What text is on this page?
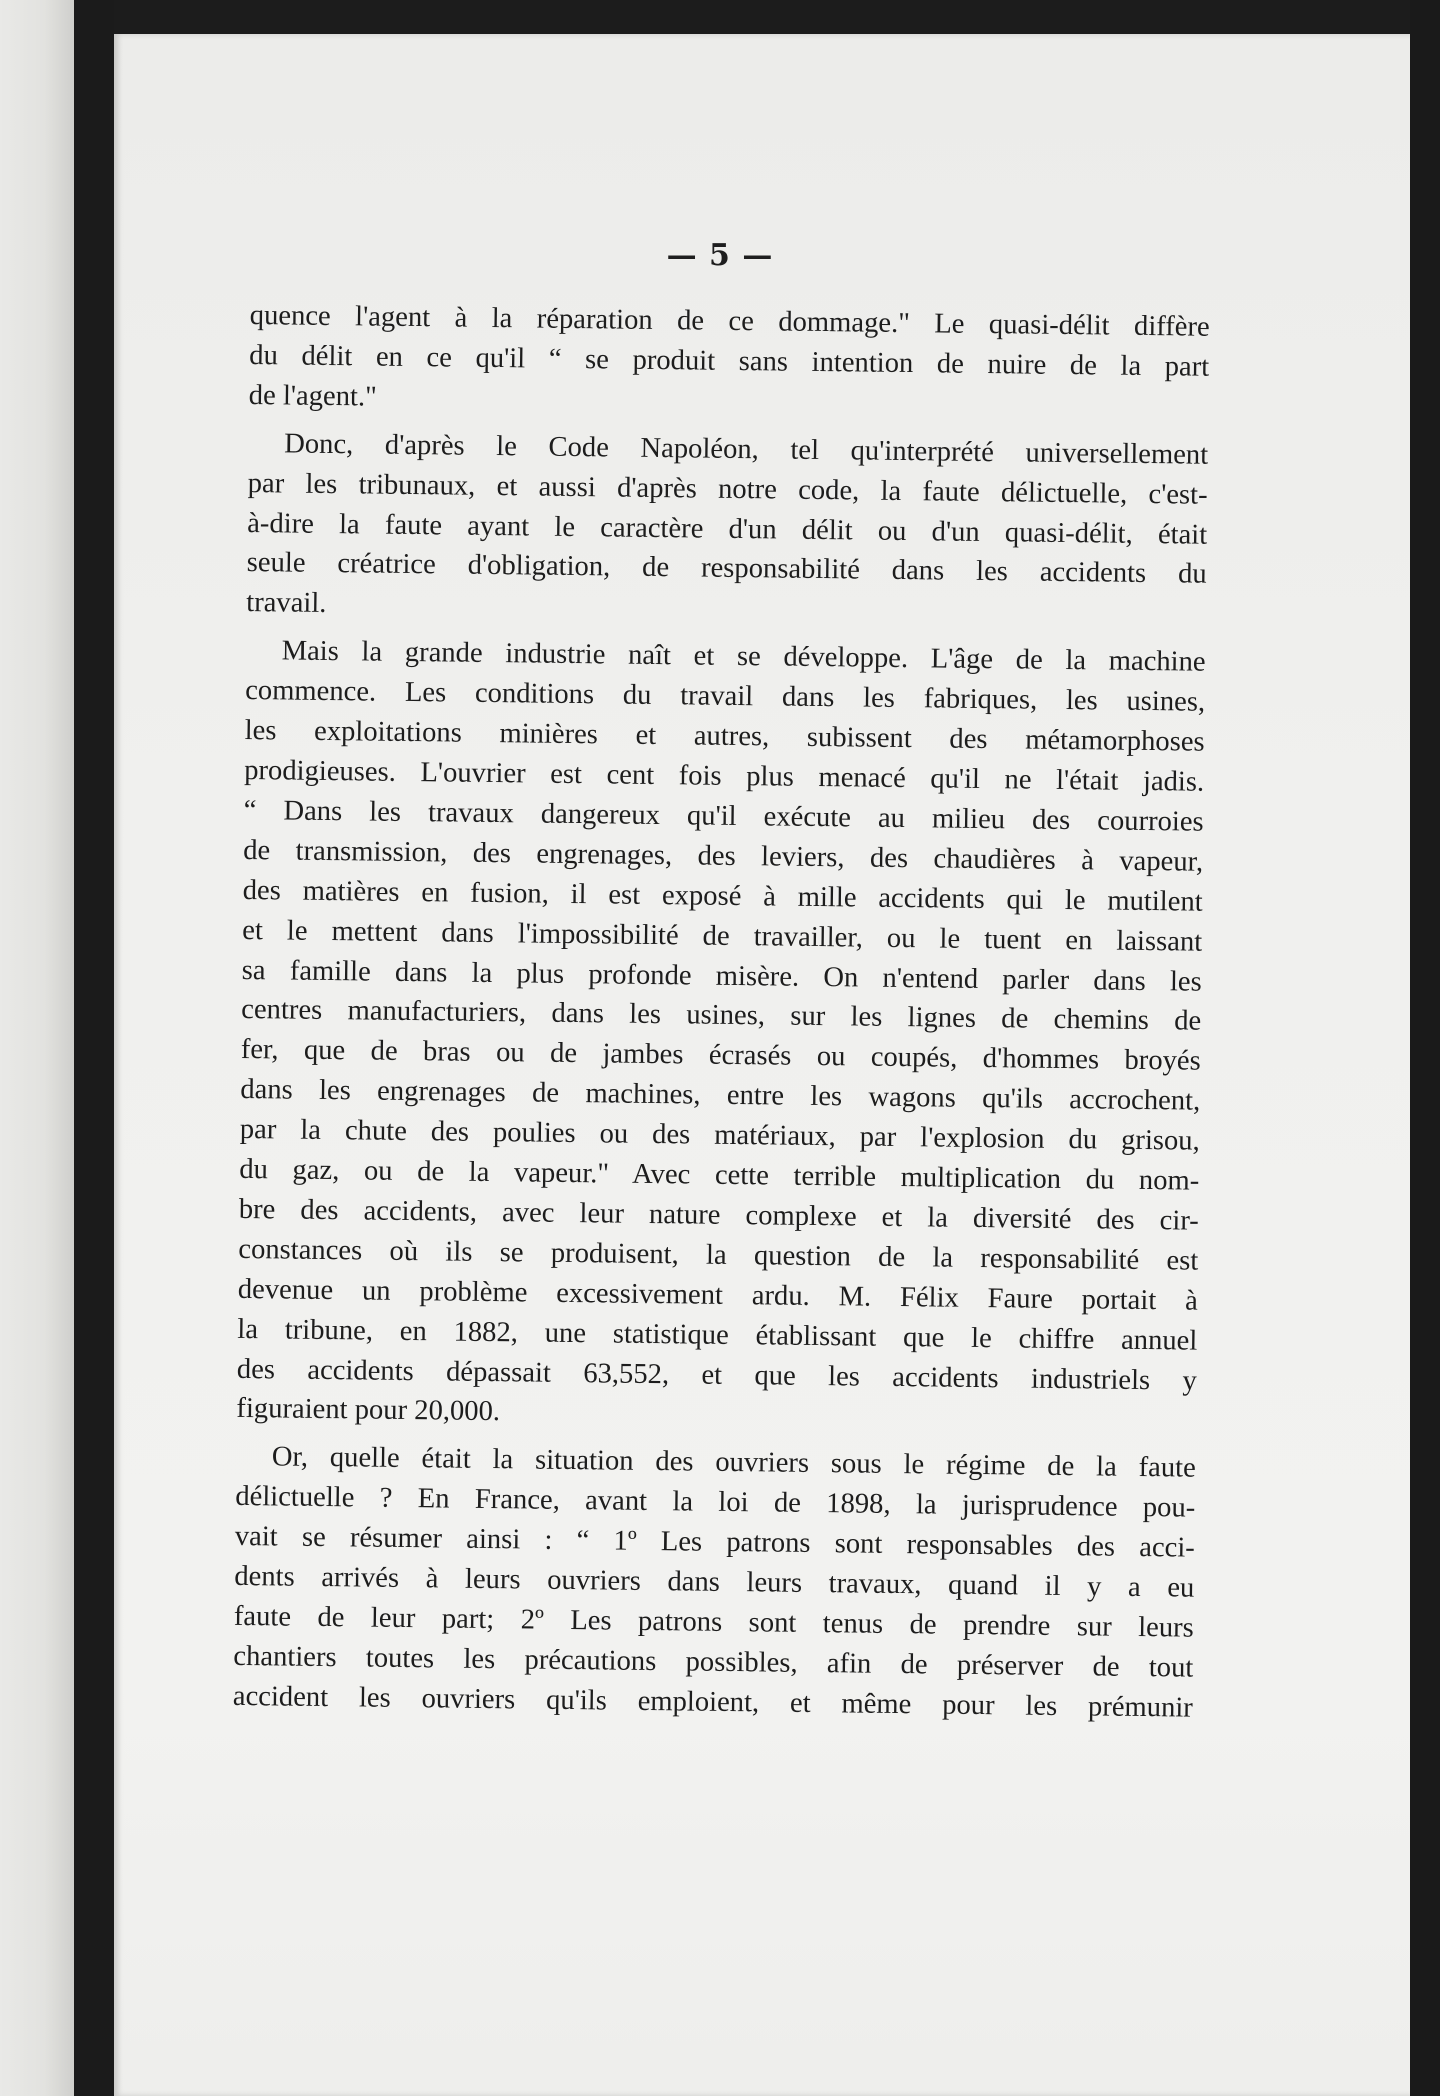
— 5 —

quence l'agent à la réparation de ce dommage." Le quasi-délit diffère

du délit en ce qu'il “ se produit sans intention de nuire de la part

de l'agent."

Donc, d'après le Code Napoléon, tel qu'interprété universellement

par les tribunaux, et aussi d'après notre code, la faute délictuelle, c'est-

à-dire la faute ayant le caractère d'un délit ou d'un quasi-délit, était

seule créatrice d'obligation, de responsabilité dans les accidents du

travail.

Mais la grande industrie naît et se développe. L'âge de la machine

commence. Les conditions du travail dans les fabriques, les usines,

les exploitations minières et autres, subissent des métamorphoses

prodigieuses. L'ouvrier est cent fois plus menacé qu'il ne l'était jadis.

“ Dans les travaux dangereux qu'il exécute au milieu des courroies

de transmission, des engrenages, des leviers, des chaudières à vapeur,

des matières en fusion, il est exposé à mille accidents qui le mutilent

et le mettent dans l'impossibilité de travailler, ou le tuent en laissant

sa famille dans la plus profonde misère. On n'entend parler dans les

centres manufacturiers, dans les usines, sur les lignes de chemins de

fer, que de bras ou de jambes écrasés ou coupés, d'hommes broyés

dans les engrenages de machines, entre les wagons qu'ils accrochent,

par la chute des poulies ou des matériaux, par l'explosion du grisou,

du gaz, ou de la vapeur." Avec cette terrible multiplication du nom-

bre des accidents, avec leur nature complexe et la diversité des cir-

constances où ils se produisent, la question de la responsabilité est

devenue un problème excessivement ardu. M. Félix Faure portait à

la tribune, en 1882, une statistique établissant que le chiffre annuel

des accidents dépassait 63,552, et que les accidents industriels y

figuraient pour 20,000.

Or, quelle était la situation des ouvriers sous le régime de la faute

délictuelle ? En France, avant la loi de 1898, la jurisprudence pou-

vait se résumer ainsi : “ 1º Les patrons sont responsables des acci-

dents arrivés à leurs ouvriers dans leurs travaux, quand il y a eu

faute de leur part; 2º Les patrons sont tenus de prendre sur leurs

chantiers toutes les précautions possibles, afin de préserver de tout

accident les ouvriers qu'ils emploient, et même pour les prémunir
